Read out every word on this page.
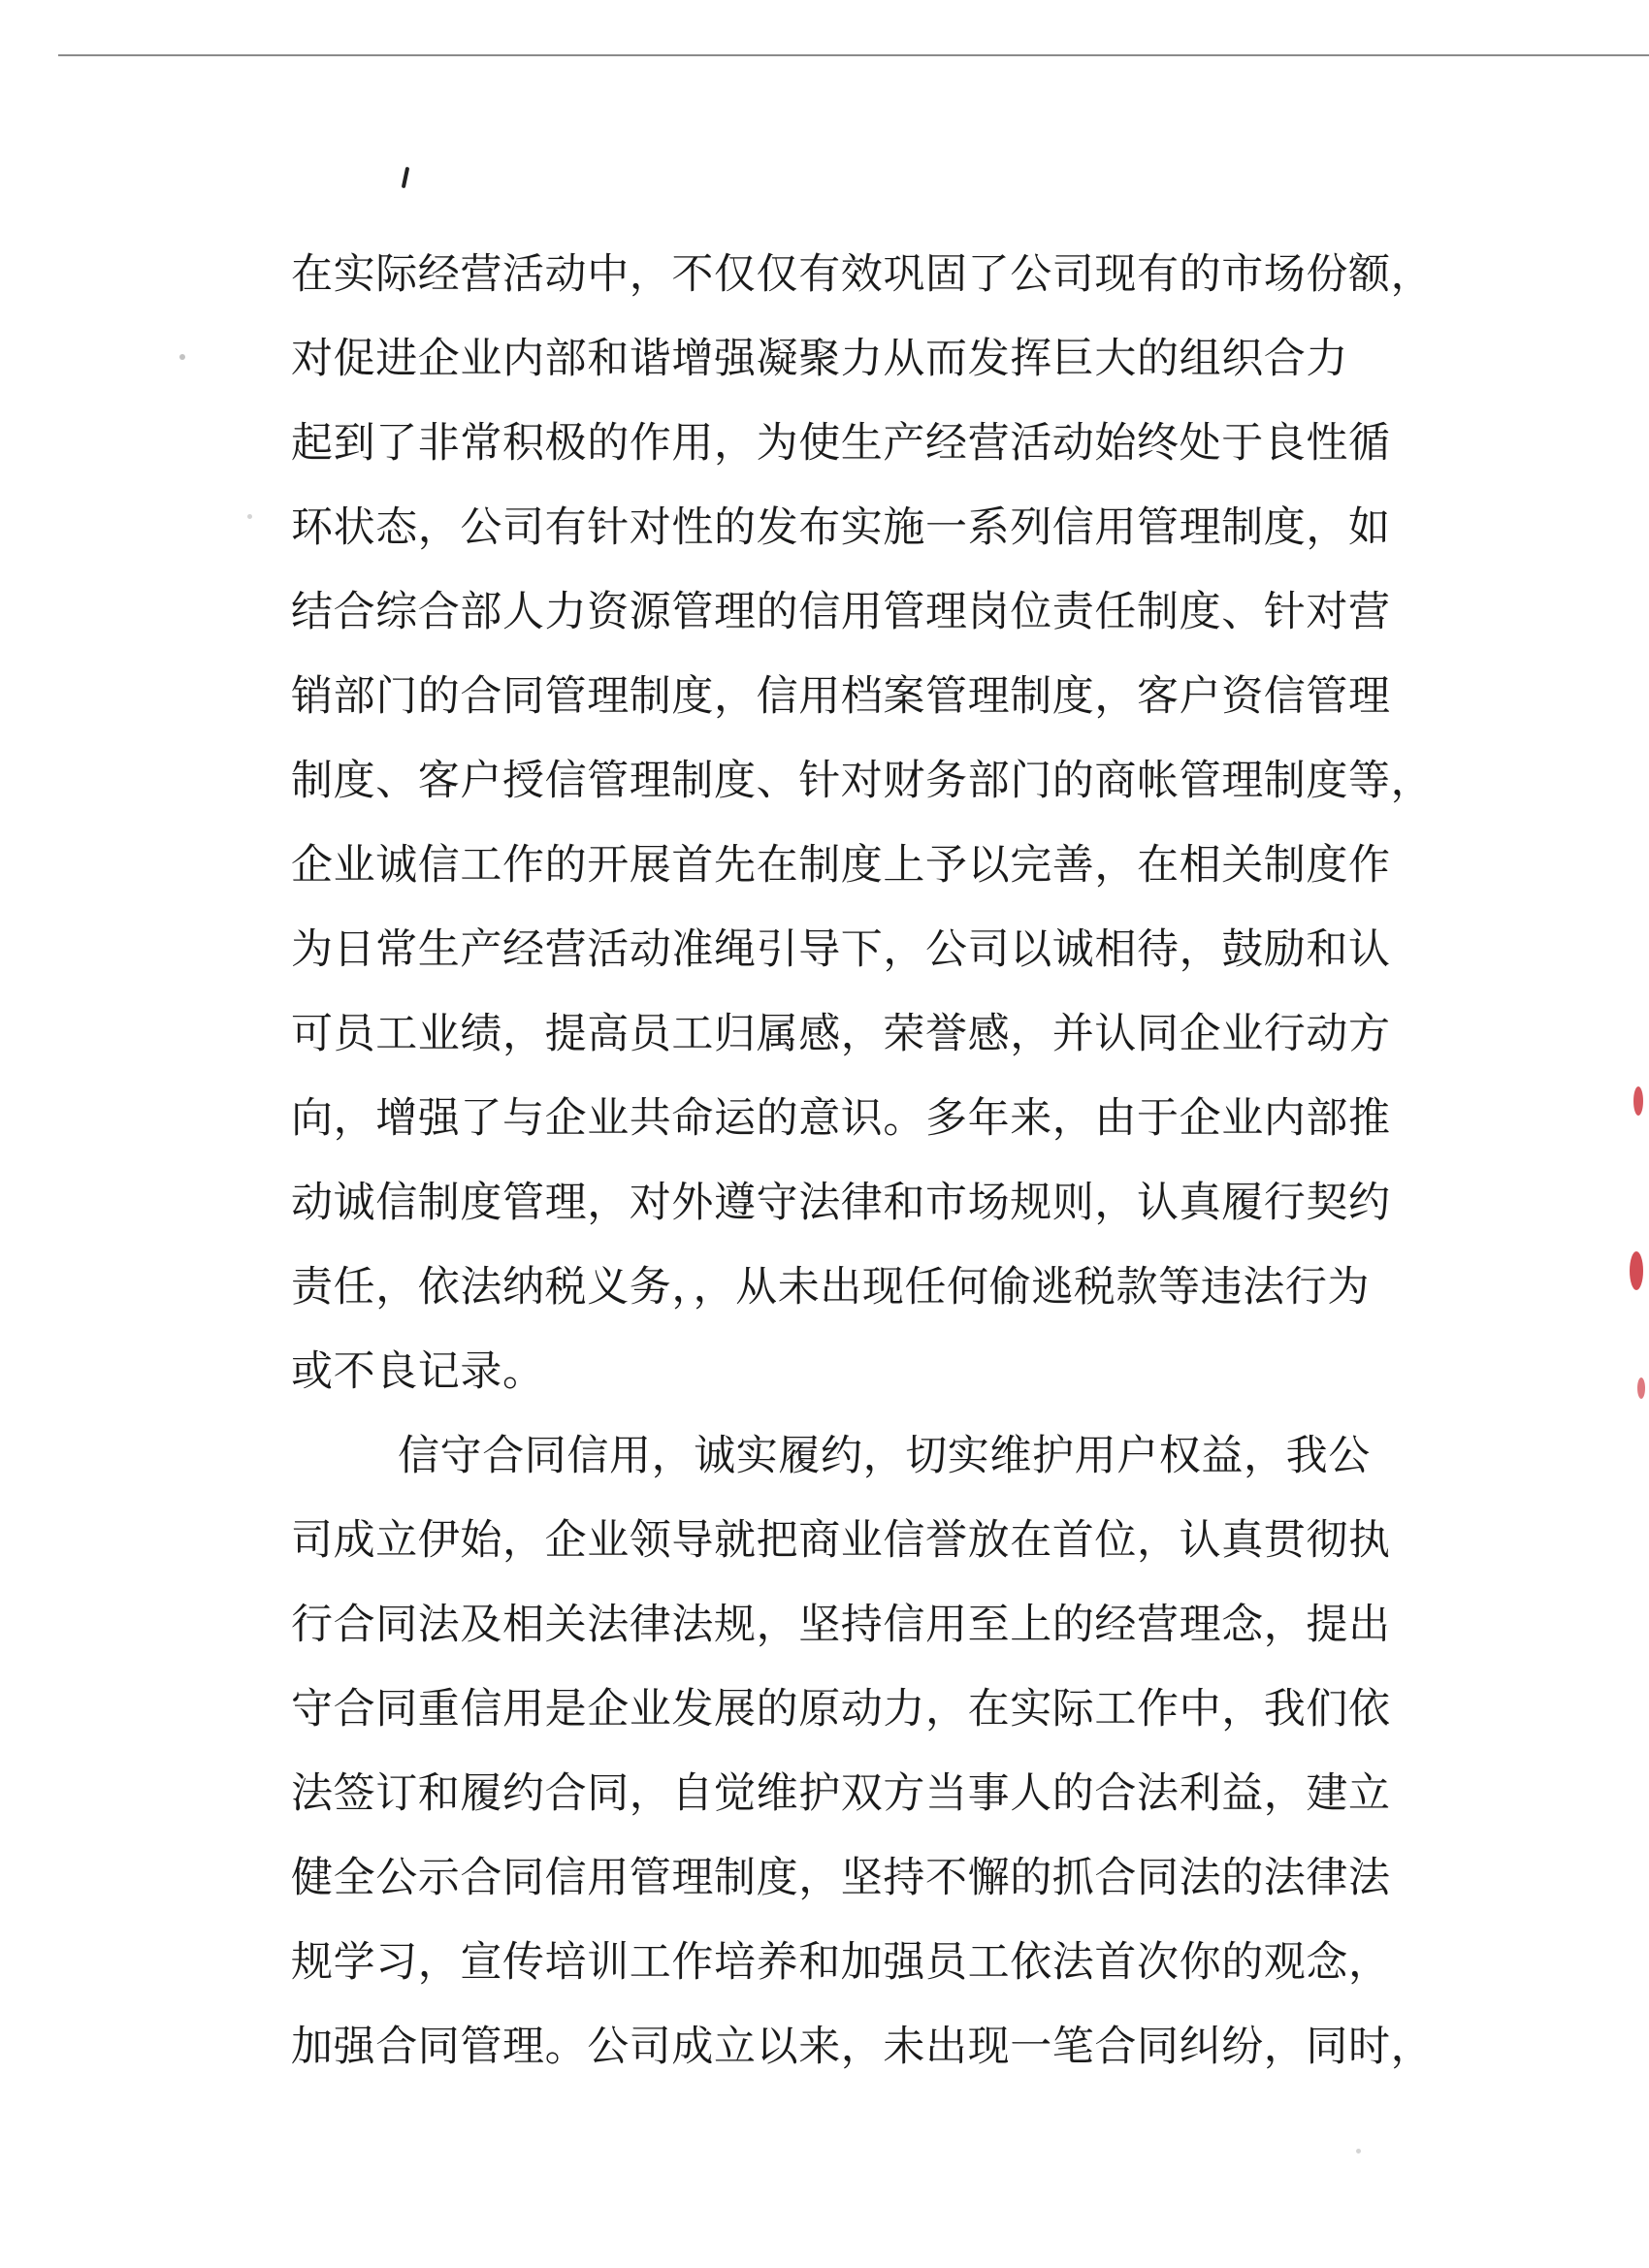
在实际经营活动中，不仅仅有效巩固了公司现有的市场份额，
对促进企业内部和谐增强凝聚力从而发挥巨大的组织合力
起到了非常积极的作用，为使生产经营活动始终处于良性循
环状态，公司有针对性的发布实施一系列信用管理制度，如
结合综合部人力资源管理的信用管理岗位责任制度、针对营
销部门的合同管理制度，信用档案管理制度，客户资信管理
制度、客户授信管理制度、针对财务部门的商帐管理制度等，
企业诚信工作的开展首先在制度上予以完善，在相关制度作
为日常生产经营活动准绳引导下，公司以诚相待，鼓励和认
可员工业绩，提高员工归属感，荣誉感，并认同企业行动方
向，增强了与企业共命运的意识。多年来，由于企业内部推
动诚信制度管理，对外遵守法律和市场规则，认真履行契约
责任，依法纳税义务，，从未出现任何偷逃税款等违法行为
或不良记录。
信守合同信用，诚实履约，切实维护用户权益，我公
司成立伊始，企业领导就把商业信誉放在首位，认真贯彻执
行合同法及相关法律法规，坚持信用至上的经营理念，提出
守合同重信用是企业发展的原动力，在实际工作中，我们依
法签订和履约合同，自觉维护双方当事人的合法利益，建立
健全公示合同信用管理制度，坚持不懈的抓合同法的法律法
规学习，宣传培训工作培养和加强员工依法首次你的观念，
加强合同管理。公司成立以来，未出现一笔合同纠纷，同时，
